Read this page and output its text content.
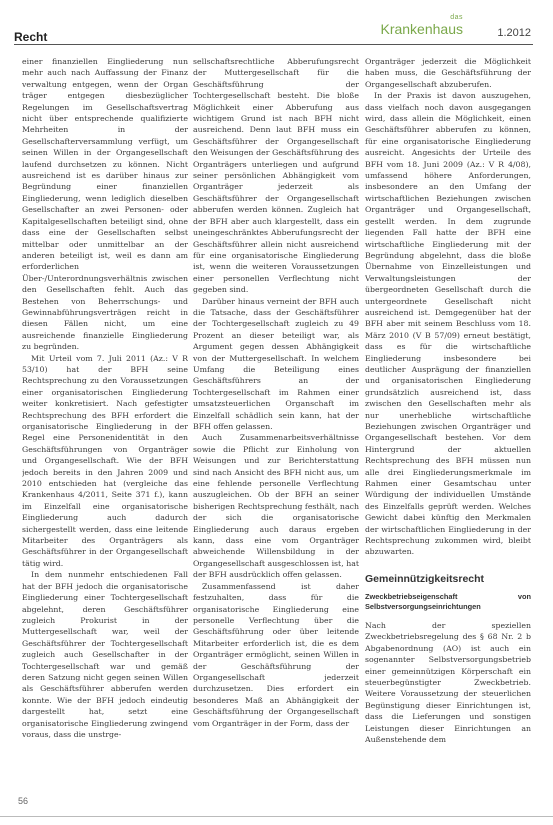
Recht
das
Krankenhaus	1.2012

einer finanziellen Eingliederung nun mehr auch nach Auffassung der Finanz verwaltung entgegen, wenn der Organ träger entgegen diesbezüglicher Regelungen im Gesellschaftsvertrag nicht über entsprechende qualifizierte Mehrheiten in der Gesellschafterversammlung verfügt, um seinen Willen in der Organgesellschaft laufend durchsetzen zu können. Nicht ausreichend ist es darüber hinaus zur Begründung einer finanziellen Eingliederung, wenn lediglich dieselben Gesellschafter an zwei Personen- oder Kapitalgesellschaften beteiligt sind, ohne dass eine der Gesellschaften selbst mittelbar oder unmittelbar an der anderen beteiligt ist, weil es dann am erforderlichen Über-/Unterordnungsverhältnis zwischen den Gesellschaften fehlt. Auch das Bestehen von Beherrschungs- und Gewinnabführungsverträgen reicht in diesen Fällen nicht, um eine ausreichende finanzielle Eingliederung zu begründen.

Mit Urteil vom 7. Juli 2011 (Az.: V R 53/10) hat der BFH seine Rechtsprechung zu den Voraussetzungen einer organisatorischen Eingliederung weiter konkretisiert. Nach gefestigter Rechtsprechung des BFH erfordert die organisatorische Eingliederung in der Regel eine Personenidentität in den Geschäftsführungen von Organträger und Organgesellschaft. Wie der BFH jedoch bereits in den Jahren 2009 und 2010 entschieden hat (vergleiche das Krankenhaus 4/2011, Seite 371 f.), kann im Einzelfall eine organisatorische Eingliederung auch dadurch sichergestellt werden, dass eine leitende Mitarbeiter des Organträgers als Geschäftsführer in der Organgesellschaft tätig wird.

In dem nunmehr entschiedenen Fall hat der BFH jedoch die organisatorische Eingliederung einer Tochtergesellschaft abgelehnt, deren Geschäftsführer zugleich Prokurist in der Muttergesellschaft war, weil der Geschäftsführer der Tochtergesellschaft zugleich auch Gesellschafter in der Tochtergesellschaft war und gemäß deren Satzung nicht gegen seinen Willen als Geschäftsführer abberufen werden konnte. Wie der BFH jedoch eindeutig dargestellt hat, setzt eine organisatorische Eingliederung zwingend voraus, dass die unstrge-

sellschaftsrechtliche Abberufungsrecht der Muttergesellschaft für die Geschäftsführung der Tochtergesellschaft besteht. Die bloße Möglichkeit einer Abberufung aus wichtigem Grund ist nach BFH nicht ausreichend. Denn laut BFH muss ein Geschäftsführer der Organgesellschaft den Weisungen der Geschäftsführung des Organträgers unterliegen und aufgrund seiner persönlichen Abhängigkeit vom Organträger jederzeit als Geschäftsführer der Organgesellschaft abberufen werden können. Zugleich hat der BFH aber auch klargestellt, dass ein uneingeschränktes Abberufungsrecht der Geschäftsführer allein nicht ausreichend für eine organisatorische Eingliederung ist, wenn die weiteren Voraussetzungen einer personellen Verflechtung nicht gegeben sind.

Darüber hinaus verneint der BFH auch die Tatsache, dass der Geschäftsführer der Tochtergesellschaft zugleich zu 49 Prozent an dieser beteiligt war, als Argument gegen dessen Abhängigkeit von der Muttergesellschaft. In welchem Umfang die Beteiligung eines Geschäftsführers an der Tochtergesellschaft im Rahmen einer umsatzsteuerlichen Organschaft im Einzelfall schädlich sein kann, hat der BFH offen gelassen.

Auch Zusammenarbeitsverhältnisse sowie die Pflicht zur Einholung von Weisungen und zur Berichterstattung sind nach Ansicht des BFH nicht aus, um eine fehlende personelle Verflechtung auszugleichen. Ob der BFH an seiner bisherigen Rechtsprechung festhält, nach der sich die organisatorische Eingliederung auch daraus ergeben kann, dass eine vom Organträger abweichende Willensbildung in der Organgesellschaft ausgeschlossen ist, hat der BFH ausdrücklich offen gelassen.

Zusammenfassend ist daher festzuhalten, dass für die organisatorische Eingliederung eine personelle Verflechtung über die Geschäftsführung oder über leitende Mitarbeiter erforderlich ist, die es dem Organträger ermöglicht, seinen Willen in der Geschäftsführung der Organgesellschaft jederzeit durchzusetzen. Dies erfordert ein besonderes Maß an Abhängigkeit der Geschäftsführung der Organgesellschaft vom Organträger in der Form, dass der

Organträger jederzeit die Möglichkeit haben muss, die Geschäftsführung der Organgesellschaft abzuberufen.

In der Praxis ist davon auszugehen, dass vielfach noch davon ausgegangen wird, dass allein die Möglichkeit, einen Geschäftsführer abberufen zu können, für eine organisatorische Eingliederung ausreicht. Angesichts der Urteile des BFH vom 18. Juni 2009 (Az.: V R 4/08), umfassend höhere Anforderungen, insbesondere an den Umfang der wirtschaftlichen Beziehungen zwischen Organträger und Organgesellschaft, gestellt werden. In dem zugrunde liegenden Fall hatte der BFH eine wirtschaftliche Eingliederung mit der Begründung abgelehnt, dass die bloße Übernahme von Einzelleistungen und Verwaltungsleistungen der übergeordneten Gesellschaft durch die untergeordnete Gesellschaft nicht ausreichend ist. Demgegenüber hat der BFH aber mit seinem Beschluss vom 18. März 2010 (V B 57/09) erneut bestätigt, dass es für die wirtschaftliche Eingliederung insbesondere bei deutlicher Ausprägung der finanziellen und organisatorischen Eingliederung grundsätzlich ausreichend ist, dass zwischen den Gesellschaften mehr als nur unerhebliche wirtschaftliche Beziehungen zwischen Organträger und Organgesellschaft bestehen. Vor dem Hintergrund der aktuellen Rechtsprechung des BFH müssen nun alle drei Eingliederungsmerkmale im Rahmen einer Gesamtschau unter Würdigung der individuellen Umstände des Einzelfalls geprüft werden. Welches Gewicht dabei künftig den Merkmalen der wirtschaftlichen Eingliederung in der Rechtsprechung zukommen wird, bleibt abzuwarten.

Gemeinnützigkeitsrecht
Zweckbetriebseigenschaft von Selbstversorgungseinrichtungen

Nach der speziellen Zweckbetriebsregelung des § 68 Nr. 2 b Abgabenordnung (AO) ist auch ein sogenannter Selbstversorgungsbetrieb einer gemeinnützigen Körperschaft ein steuerbegünstigter Zweckbetrieb. Weitere Voraussetzung der steuerlichen Begünstigung dieser Einrichtungen ist, dass die Lieferungen und sonstigen Leistungen dieser Einrichtungen an Außenstehende dem

56
